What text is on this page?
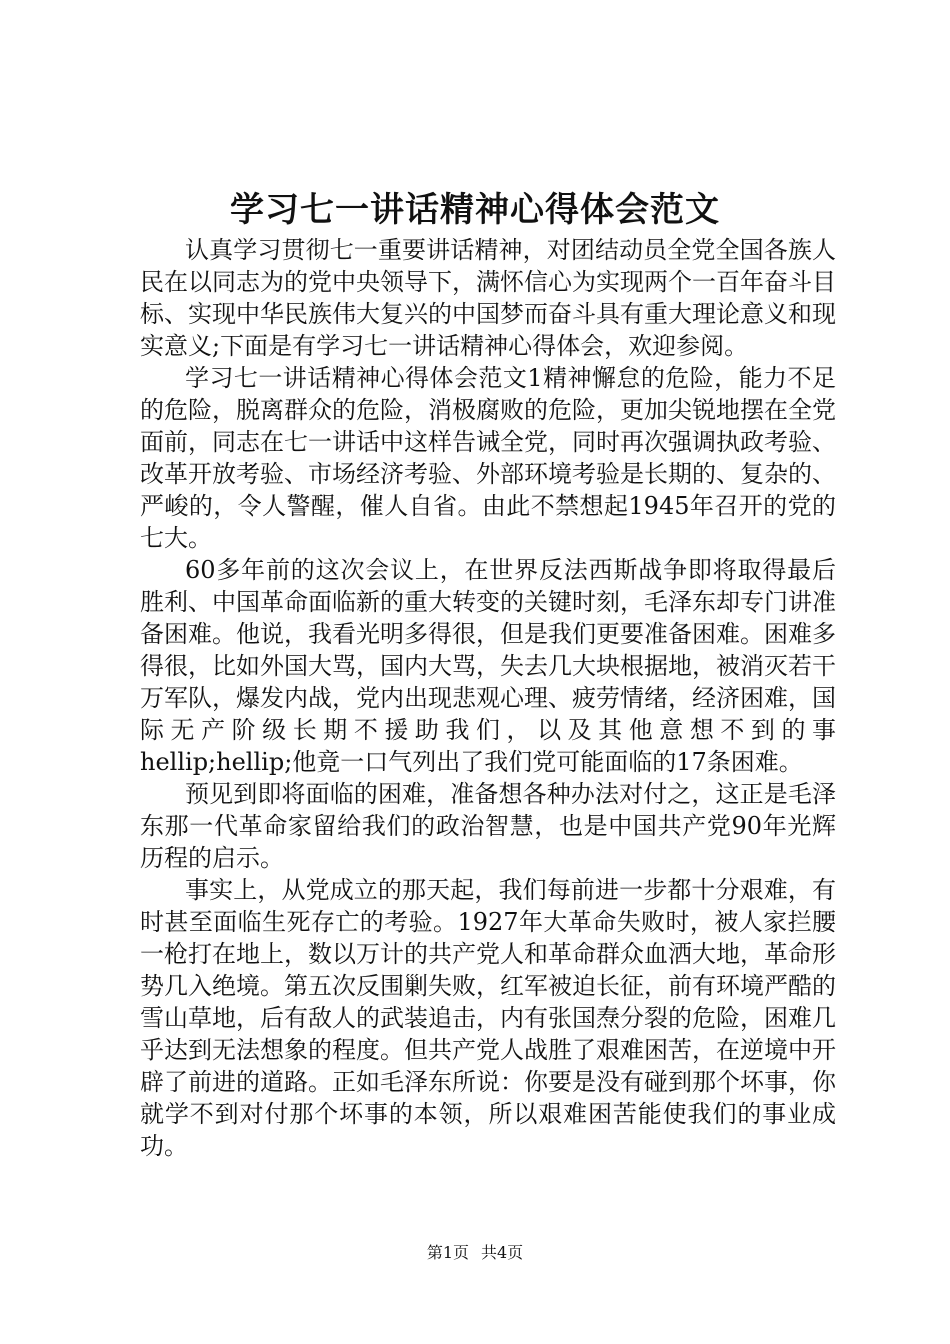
学习七一讲话精神心得体会范文

认真学习贯彻七一重要讲话精神，对团结动员全党全国各族人民在以同志为的党中央领导下，满怀信心为实现两个一百年奋斗目标、实现中华民族伟大复兴的中国梦而奋斗具有重大理论意义和现实意义;下面是有学习七一讲话精神心得体会，欢迎参阅。

学习七一讲话精神心得体会范文1精神懈怠的危险，能力不足的危险，脱离群众的危险，消极腐败的危险，更加尖锐地摆在全党面前，同志在七一讲话中这样告诫全党，同时再次强调执政考验、改革开放考验、市场经济考验、外部环境考验是长期的、复杂的、严峻的，令人警醒，催人自省。由此不禁想起1945年召开的党的七大。

60多年前的这次会议上，在世界反法西斯战争即将取得最后胜利、中国革命面临新的重大转变的关键时刻，毛泽东却专门讲准备困难。他说，我看光明多得很，但是我们更要准备困难。困难多得很，比如外国大骂，国内大骂，失去几大块根据地，被消灭若干万军队，爆发内战，党内出现悲观心理、疲劳情绪，经济困难，国际无产阶级长期不援助我们，以及其他意想不到的事hellip;hellip;他竟一口气列出了我们党可能面临的17条困难。

预见到即将面临的困难，准备想各种办法对付之，这正是毛泽东那一代革命家留给我们的政治智慧，也是中国共产党90年光辉历程的启示。

事实上，从党成立的那天起，我们每前进一步都十分艰难，有时甚至面临生死存亡的考验。1927年大革命失败时，被人家拦腰一枪打在地上，数以万计的共产党人和革命群众血洒大地，革命形势几入绝境。第五次反围剿失败，红军被迫长征，前有环境严酷的雪山草地，后有敌人的武装追击，内有张国焘分裂的危险，困难几乎达到无法想象的程度。但共产党人战胜了艰难困苦，在逆境中开辟了前进的道路。正如毛泽东所说：你要是没有碰到那个坏事，你就学不到对付那个坏事的本领，所以艰难困苦能使我们的事业成功。

第1页 共4页
